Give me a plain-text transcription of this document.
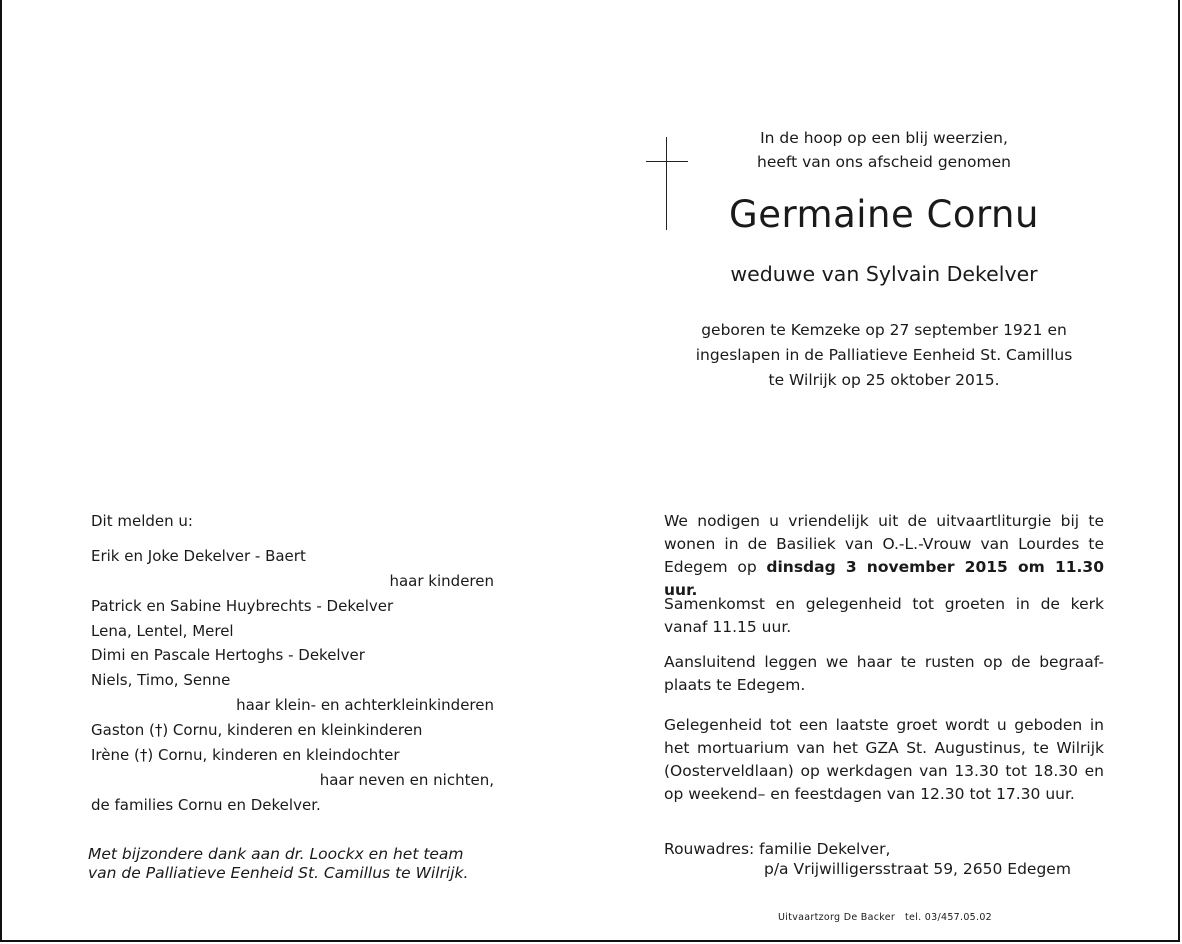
In de hoop op een blij weerzien,
heeft van ons afscheid genomen
Germaine Cornu
weduwe van Sylvain Dekelver
geboren te Kemzeke op 27 september 1921 en
ingeslapen in de Palliatieve Eenheid St. Camillus
te Wilrijk op 25 oktober 2015.
Dit melden u:
Erik en Joke Dekelver - Baert
haar kinderen
Patrick en Sabine Huybrechts - Dekelver
Lena, Lentel, Merel
Dimi en Pascale Hertoghs - Dekelver
Niels, Timo, Senne
haar klein- en achterkleinkinderen
Gaston (†) Cornu, kinderen en kleinkinderen
Irène (†) Cornu, kinderen en kleindochter
haar neven en nichten,
de families Cornu en Dekelver.
Met bijzondere dank aan dr. Loockx en het team
van de Palliatieve Eenheid St. Camillus te Wilrijk.
We nodigen u vriendelijk uit de uitvaartliturgie bij te
wonen in de Basiliek van O.-L.-Vrouw van Lourdes te
Edegem op dinsdag 3 november 2015 om 11.30 uur.
Samenkomst en gelegenheid tot groeten in de kerk
vanaf 11.15 uur.
Aansluitend leggen we haar te rusten op de begraaf-
plaats te Edegem.
Gelegenheid tot een laatste groet wordt u geboden in
het mortuarium van het GZA St. Augustinus, te Wilrijk
(Oosterveldlaan) op werkdagen van 13.30 tot 18.30 en
op weekend– en feestdagen van 12.30 tot 17.30 uur.
Rouwadres: familie Dekelver,
p/a Vrijwilligersstraat 59, 2650 Edegem
Uitvaartzorg De Backer tel. 03/457.05.02
